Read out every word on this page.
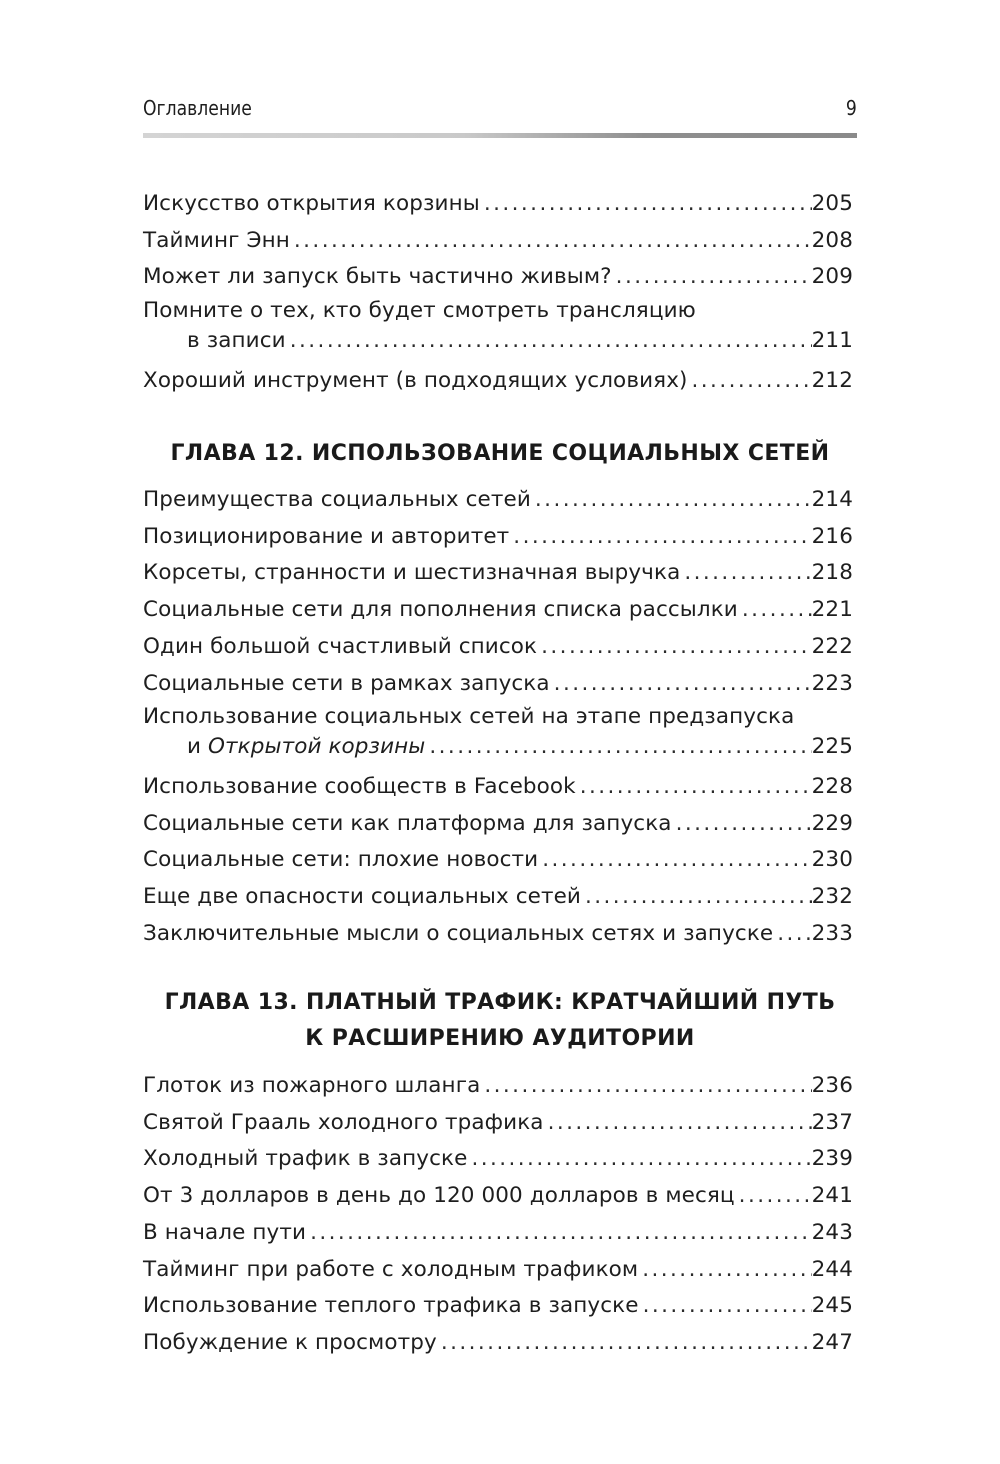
Оглавление	9
Искусство открытия корзины . . .	205
Тайминг Энн . . .	208
Может ли запуск быть частично живым? . . .	209
Помните о тех, кто будет смотреть трансляцию
в записи . . .	211
Хороший инструмент (в подходящих условиях) . . .	212
ГЛАВА 12. ИСПОЛЬЗОВАНИЕ СОЦИАЛЬНЫХ СЕТЕЙ
Преимущества социальных сетей . . .	214
Позиционирование и авторитет . . .	216
Корсеты, странности и шестизначная выручка . . .	218
Социальные сети для пополнения списка рассылки . . .	221
Один большой счастливый список . . .	222
Социальные сети в рамках запуска . . .	223
Использование социальных сетей на этапе предзапуска
и Открытой корзины . . .	225
Использование сообществ в Facebook . . .	228
Социальные сети как платформа для запуска . . .	229
Социальные сети: плохие новости . . .	230
Еще две опасности социальных сетей . . .	232
Заключительные мысли о социальных сетях и запуске . . . 233
ГЛАВА 13. ПЛАТНЫЙ ТРАФИК: КРАТЧАЙШИЙ ПУТЬ
К РАСШИРЕНИЮ АУДИТОРИИ
Глоток из пожарного шланга . . .	236
Святой Грааль холодного трафика . . .	237
Холодный трафик в запуске . . .	239
От 3 долларов в день до 120 000 долларов в месяц . . .	241
В начале пути . . .	243
Тайминг при работе с холодным трафиком . . .	244
Использование теплого трафика в запуске . . .	245
Побуждение к просмотру . . .	247
